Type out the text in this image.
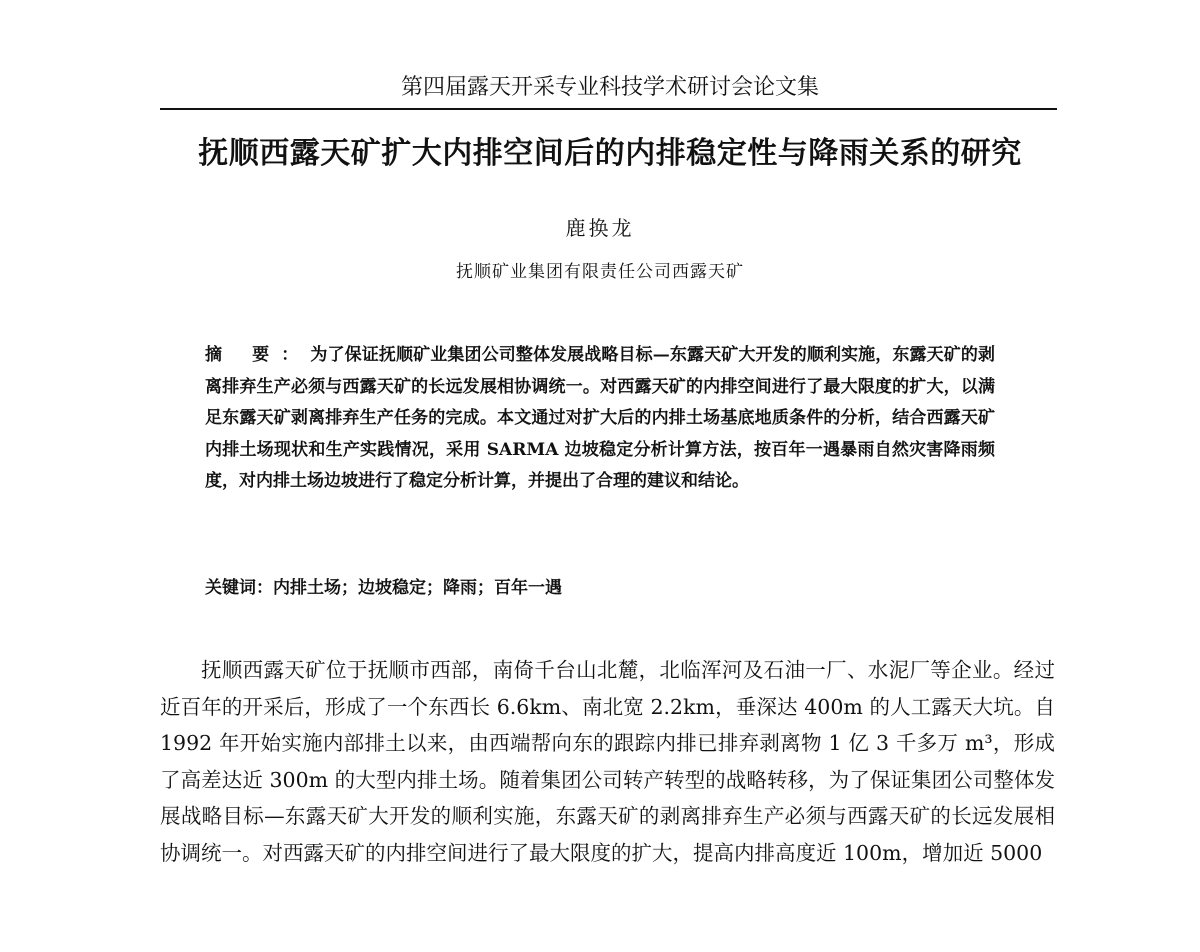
第四届露天开采专业科技学术研讨会论文集
抚顺西露天矿扩大内排空间后的内排稳定性与降雨关系的研究
鹿换龙
抚顺矿业集团有限责任公司西露天矿
摘 要：为了保证抚顺矿业集团公司整体发展战略目标—东露天矿大开发的顺利实施，东露天矿的剥离排弃生产必须与西露天矿的长远发展相协调统一。对西露天矿的内排空间进行了最大限度的扩大，以满足东露天矿剥离排弃生产任务的完成。本文通过对扩大后的内排土场基底地质条件的分析，结合西露天矿内排土场现状和生产实践情况，采用 SARMA 边坡稳定分析计算方法，按百年一遇暴雨自然灾害降雨频度，对内排土场边坡进行了稳定分析计算，并提出了合理的建议和结论。
关键词：内排土场；边坡稳定；降雨；百年一遇
抚顺西露天矿位于抚顺市西部，南倚千台山北麓，北临浑河及石油一厂、水泥厂等企业。经过近百年的开采后，形成了一个东西长 6.6km、南北宽 2.2km，垂深达 400m 的人工露天大坑。自 1992 年开始实施内部排土以来，由西端帮向东的跟踪内排已排弃剥离物 1 亿 3 千多万 m³，形成了高差达近 300m 的大型内排土场。随着集团公司转产转型的战略转移，为了保证集团公司整体发展战略目标—东露天矿大开发的顺利实施，东露天矿的剥离排弃生产必须与西露天矿的长远发展相协调统一。对西露天矿的内排空间进行了最大限度的扩大，提高内排高度近 100m，增加近 5000
